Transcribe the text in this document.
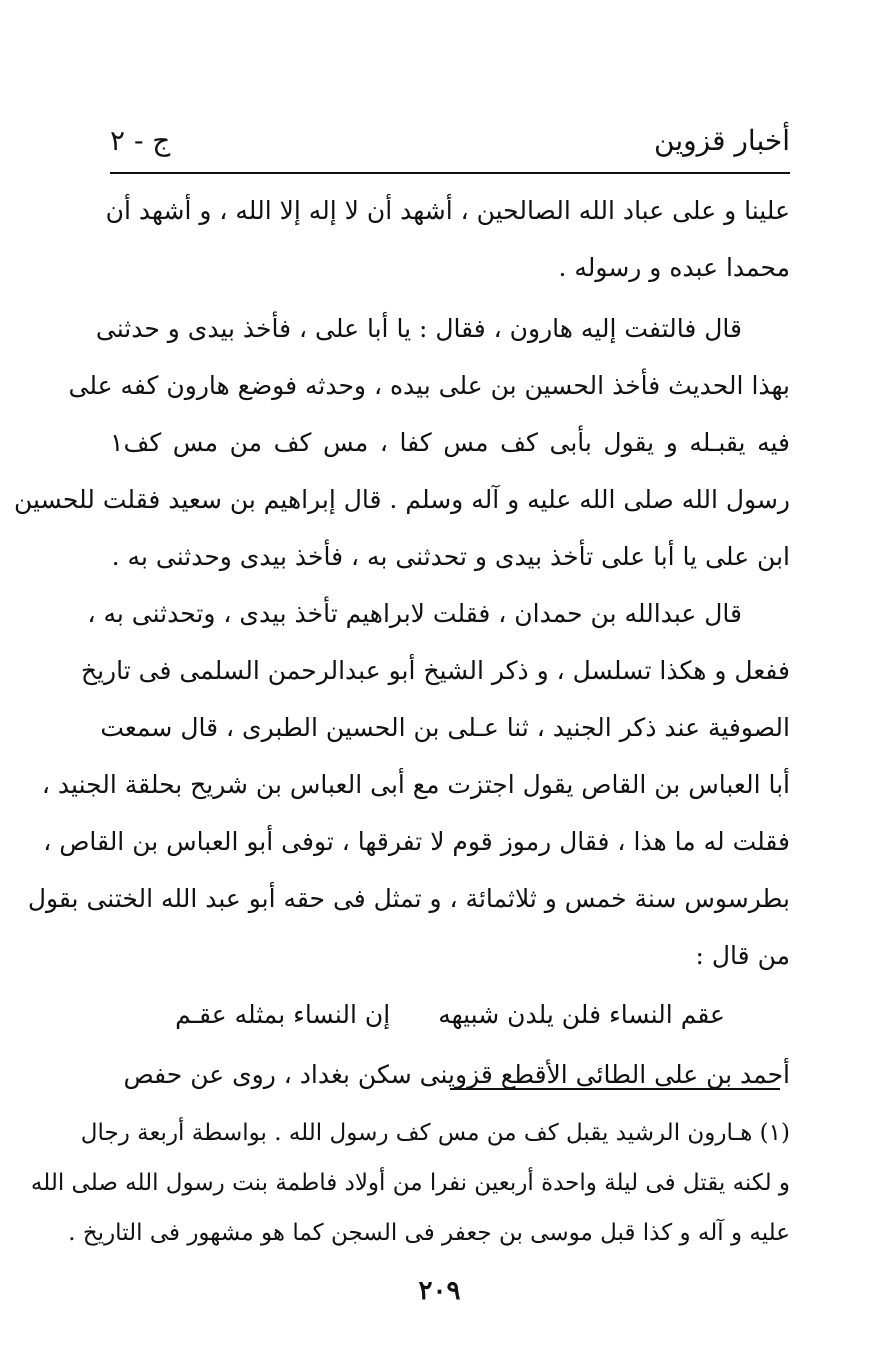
أخبار قزوين
ج - ٢
علينا و على عباد الله الصالحين ، أشهد أن لا إله إلا الله ، و أشهد أن
محمدا عبده و رسوله .
قال فالتفت إليه هارون ، فقال : يا أبا على ، فأخذ بيدى و حدثنى
بهذا الحديث فأخذ الحسين بن على بيده ، وحدثه فوضع هارون كفه على
فيه يقبـله و يقول بأبى كف مس كفا ، مس كف من مس كف١
رسول الله صلى الله عليه و آله وسلم . قال إبراهيم بن سعيد فقلت للحسين
ابن على يا أبا على تأخذ بيدى و تحدثنى به ، فأخذ بيدى وحدثنى به .
قال عبدالله بن حمدان ، فقلت لابراهيم تأخذ بيدى ، وتحدثنى به ،
ففعل و هكذا تسلسل ، و ذكر الشيخ أبو عبدالرحمن السلمى فى تاريخ
الصوفية عند ذكر الجنيد ، ثنا عـلى بن الحسين الطبرى ، قال سمعت
أبا العباس بن القاص يقول اجتزت مع أبى العباس بن شريح بحلقة الجنيد ،
فقلت له ما هذا ، فقال رموز قوم لا تفرقها ، توفى أبو العباس بن القاص ،
بطرسوس سنة خمس و ثلاثمائة ، و تمثل فى حقه أبو عبد الله الختنى بقول
من قال :
عقم النساء فلن يلدن شبيهه
إن النساء بمثله عقـم
أحمد بن على الطائى الأقطع قزوينى سكن بغداد ، روى عن حفص
(١) هـارون الرشيد يقبل كف من مس كف رسول الله . بواسطة أربعة رجال
و لكنه يقتل فى ليلة واحدة أربعين نفرا من أولاد فاطمة بنت رسول الله صلى الله
عليه و آله و كذا قبل موسى بن جعفر فى السجن كما هو مشهور فى التاريخ .
٢٠٩
